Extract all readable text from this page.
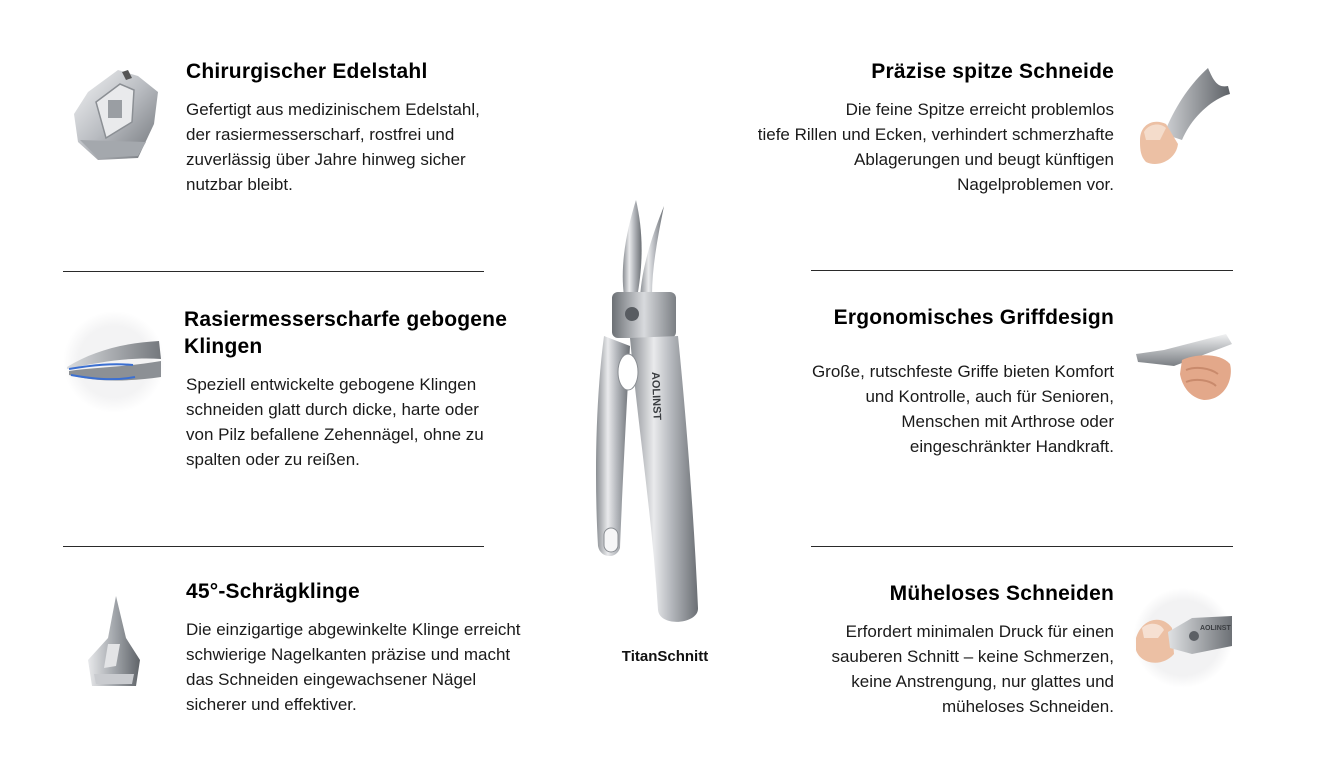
Chirurgischer Edelstahl

Gefertigt aus medizinischem Edelstahl,
der rasiermesserscharf, rostfrei und
zuverlässig über Jahre hinweg sicher
nutzbar bleibt.

Rasiermesserscharfe gebogene
Klingen

Speziell entwickelte gebogene Klingen
schneiden glatt durch dicke, harte oder
von Pilz befallene Zehennägel, ohne zu
spalten oder zu reißen.

45°-Schrägklinge

Die einzigartige abgewinkelte Klinge erreicht
schwierige Nagelkanten präzise und macht
das Schneiden eingewachsener Nägel
sicherer und effektiver.

AOLINST
TitanSchnitt
Präzise spitze Schneide

Die feine Spitze erreicht problemlos
tiefe Rillen und Ecken, verhindert schmerzhafte
Ablagerungen und beugt künftigen
Nagelproblemen vor.

Ergonomisches Griffdesign

Große, rutschfeste Griffe bieten Komfort
und Kontrolle, auch für Senioren,
Menschen mit Arthrose oder
eingeschränkter Handkraft.

Müheloses Schneiden

Erfordert minimalen Druck für einen
sauberen Schnitt – keine Schmerzen,
keine Anstrengung, nur glattes und
müheloses Schneiden.

AOLINST
